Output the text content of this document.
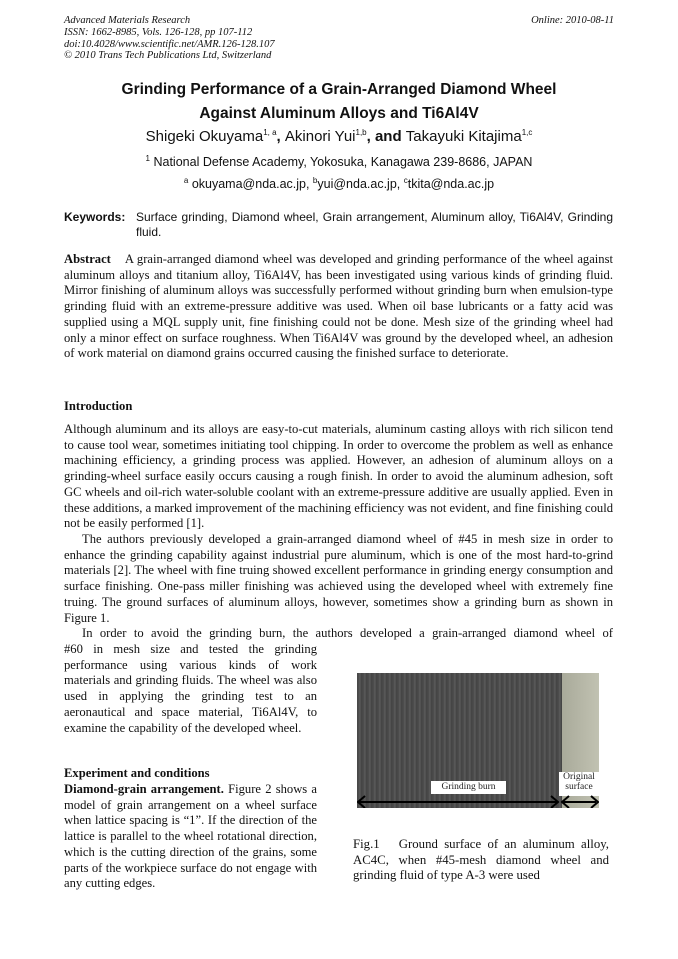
Advanced Materials Research
ISSN: 1662-8985, Vols. 126-128, pp 107-112
doi:10.4028/www.scientific.net/AMR.126-128.107
© 2010 Trans Tech Publications Ltd, Switzerland
Online: 2010-08-11
Grinding Performance of a Grain-Arranged Diamond Wheel
Against Aluminum Alloys and Ti6Al4V
Shigeki Okuyama$^{1, a}$, Akinori Yui$^{1,b}$, and Takayuki Kitajima$^{1,c}$
$^1$ National Defense Academy, Yokosuka, Kanagawa 239-8686, JAPAN
$^a$ okuyama@nda.ac.jp, $^b$yui@nda.ac.jp, $^c$tkita@nda.ac.jp
Keywords: Surface grinding, Diamond wheel, Grain arrangement, Aluminum alloy, Ti6Al4V, Grinding fluid.
Abstract A grain-arranged diamond wheel was developed and grinding performance of the wheel against aluminum alloys and titanium alloy, Ti6Al4V, has been investigated using various kinds of grinding fluid. Mirror finishing of aluminum alloys was successfully performed without grinding burn when emulsion-type grinding fluid with an extreme-pressure additive was used. When oil base lubricants or a fatty acid was supplied using a MQL supply unit, fine finishing could not be done. Mesh size of the grinding wheel had only a minor effect on surface roughness. When Ti6Al4V was ground by the developed wheel, an adhesion of work material on diamond grains occurred causing the finished surface to deteriorate.
Introduction
Although aluminum and its alloys are easy-to-cut materials, aluminum casting alloys with rich silicon tend to cause tool wear, sometimes initiating tool chipping. In order to overcome the problem as well as enhance machining efficiency, a grinding process was applied. However, an adhesion of aluminum alloys on a grinding-wheel surface easily occurs causing a rough finish. In order to avoid the aluminum adhesion, soft GC wheels and oil-rich water-soluble coolant with an extreme-pressure additive are usually applied. Even in these additions, a marked improvement of the machining efficiency was not evident, and fine finishing could not be easily performed [1].
The authors previously developed a grain-arranged diamond wheel of #45 in mesh size in order to enhance the grinding capability against industrial pure aluminum, which is one of the most hard-to-grind materials [2]. The wheel with fine truing showed excellent performance in grinding energy consumption and surface finishing. One-pass miller finishing was achieved using the developed wheel with extremely fine truing. The ground surfaces of aluminum alloys, however, sometimes show a grinding burn as shown in Figure 1.
In order to avoid the grinding burn, the authors developed a grain-arranged diamond wheel of
#60 in mesh size and tested the grinding performance using various kinds of work materials and grinding fluids. The wheel was also used in applying the grinding test to an aeronautical and space material, Ti6Al4V, to examine the capability of the developed wheel.
Experiment and conditions
Diamond-grain arrangement. Figure 2 shows a model of grain arrangement on a wheel surface when lattice spacing is “1”. If the direction of the lattice is parallel to the wheel rotational direction, which is the cutting direction of the grains, some parts of the workpiece surface do not engage with any cutting edges.
Grinding burn
Original surface
Fig.1  Ground surface of an aluminum alloy, AC4C, when #45-mesh diamond wheel and grinding fluid of type A-3 were used
